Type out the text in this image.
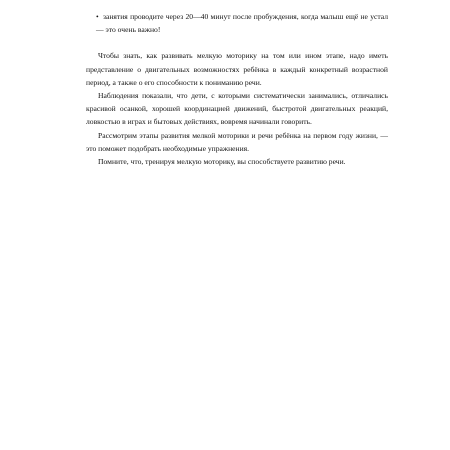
• занятия проводите через 20—40 минут после пробуждения, когда малыш ещё не устал — это очень важно!

Чтобы знать, как развивать мелкую моторику на том или ином этапе, надо иметь представление о двигательных возможностях ребёнка в каждый конкретный возрастной период, а также о его способности к пониманию речи.

Наблюдения показали, что дети, с которыми систематически занимались, отличались красивой осанкой, хорошей координацией движений, быстротой двигательных реакций, ловкостью в играх и бытовых действиях, вовремя начинали говорить.

Рассмотрим этапы развития мелкой моторики и речи ребёнка на первом году жизни, — это поможет подобрать необходимые упражнения.

Помните, что, тренируя мелкую моторику, вы способствуете развитию речи.
